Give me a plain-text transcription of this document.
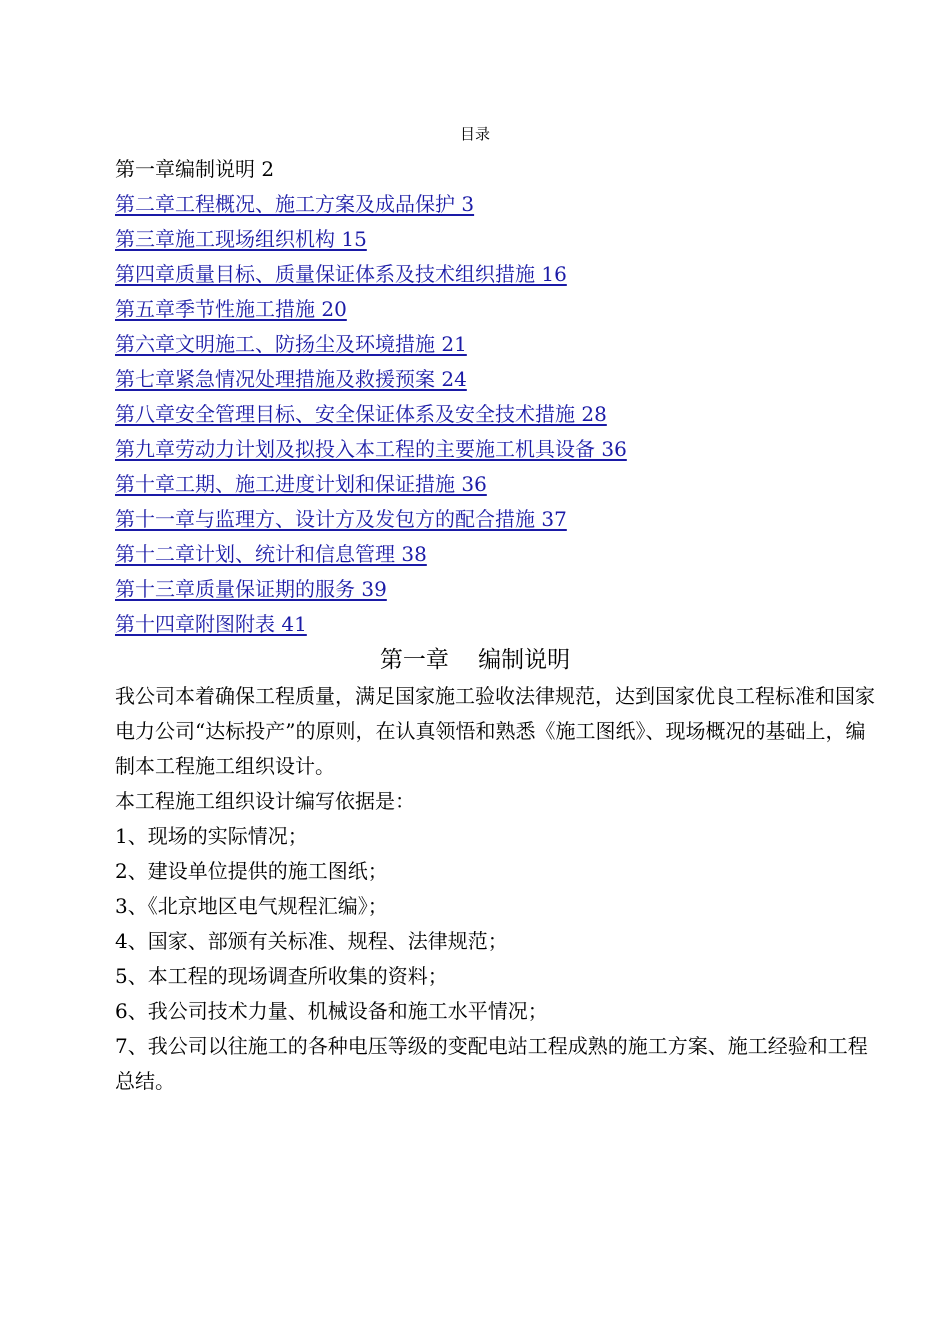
目录
第一章编制说明 2
第二章工程概况、施工方案及成品保护 3
第三章施工现场组织机构 15
第四章质量目标、质量保证体系及技术组织措施 16
第五章季节性施工措施 20
第六章文明施工、防扬尘及环境措施 21
第七章紧急情况处理措施及救援预案 24
第八章安全管理目标、安全保证体系及安全技术措施 28
第九章劳动力计划及拟投入本工程的主要施工机具设备 36
第十章工期、施工进度计划和保证措施 36
第十一章与监理方、设计方及发包方的配合措施 37
第十二章计划、统计和信息管理 38
第十三章质量保证期的服务 39
第十四章附图附表 41
第一章    编制说明

我公司本着确保工程质量，满足国家施工验收法律规范，达到国家优良工程标准和国家电力公司“达标投产”的原则，在认真领悟和熟悉《施工图纸》、现场概况的基础上，编制本工程施工组织设计。

本工程施工组织设计编写依据是：

1、现场的实际情况；

2、建设单位提供的施工图纸；

3、《北京地区电气规程汇编》；

4、国家、部颁有关标准、规程、法律规范；

5、本工程的现场调查所收集的资料；

6、我公司技术力量、机械设备和施工水平情况；

7、我公司以往施工的各种电压等级的变配电站工程成熟的施工方案、施工经验和工程总结。
